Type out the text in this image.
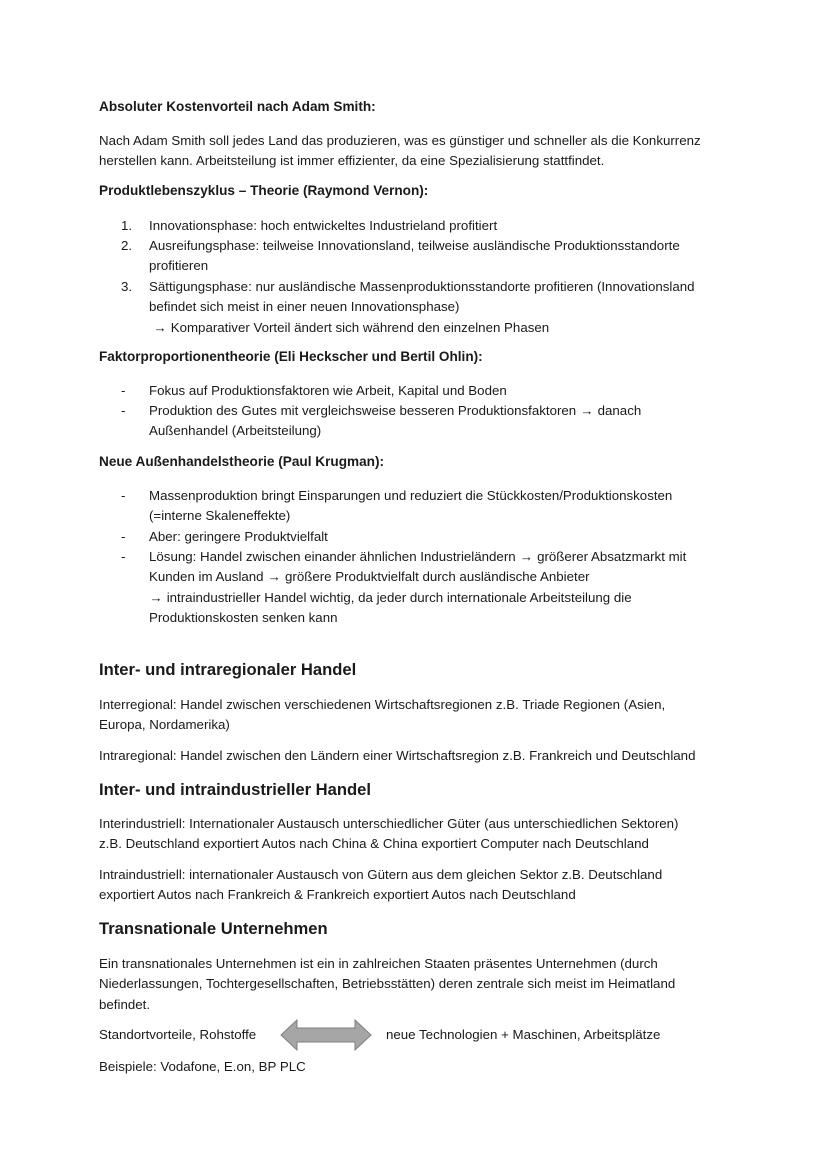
Absoluter Kostenvorteil nach Adam Smith:
Nach Adam Smith soll jedes Land das produzieren, was es günstiger und schneller als die Konkurrenz
herstellen kann. Arbeitsteilung ist immer effizienter, da eine Spezialisierung stattfindet.
Produktlebenszyklus – Theorie (Raymond Vernon):
1. Innovationsphase: hoch entwickeltes Industrieland profitiert
2. Ausreifungsphase: teilweise Innovationsland, teilweise ausländische Produktionsstandorte
profitieren
3. Sättigungsphase: nur ausländische Massenproduktionsstandorte profitieren (Innovationsland
befindet sich meist in einer neuen Innovationsphase)
→ Komparativer Vorteil ändert sich während den einzelnen Phasen
Faktorproportionentheorie (Eli Heckscher und Bertil Ohlin):
- Fokus auf Produktionsfaktoren wie Arbeit, Kapital und Boden
- Produktion des Gutes mit vergleichsweise besseren Produktionsfaktoren → danach
Außenhandel (Arbeitsteilung)
Neue Außenhandelstheorie (Paul Krugman):
- Massenproduktion bringt Einsparungen und reduziert die Stückkosten/Produktionskosten
(=interne Skaleneffekte)
- Aber: geringere Produktvielfalt
- Lösung: Handel zwischen einander ähnlichen Industrieländern → größerer Absatzmarkt mit
Kunden im Ausland → größere Produktvielfalt durch ausländische Anbieter
→ intraindustrieller Handel wichtig, da jeder durch internationale Arbeitsteilung die
Produktionskosten senken kann
Inter- und intraregionaler Handel
Interregional: Handel zwischen verschiedenen Wirtschaftsregionen z.B. Triade Regionen (Asien,
Europa, Nordamerika)
Intraregional: Handel zwischen den Ländern einer Wirtschaftsregion z.B. Frankreich und Deutschland
Inter- und intraindustrieller Handel
Interindustriell: Internationaler Austausch unterschiedlicher Güter (aus unterschiedlichen Sektoren)
z.B. Deutschland exportiert Autos nach China & China exportiert Computer nach Deutschland
Intraindustriell: internationaler Austausch von Gütern aus dem gleichen Sektor z.B. Deutschland
exportiert Autos nach Frankreich & Frankreich exportiert Autos nach Deutschland
Transnationale Unternehmen
Ein transnationales Unternehmen ist ein in zahlreichen Staaten präsentes Unternehmen (durch
Niederlassungen, Tochtergesellschaften, Betriebsstätten) deren zentrale sich meist im Heimatland
befindet.
Standortvorteile, Rohstoffe	neue Technologien + Maschinen, Arbeitsplätze
Beispiele: Vodafone, E.on, BP PLC
